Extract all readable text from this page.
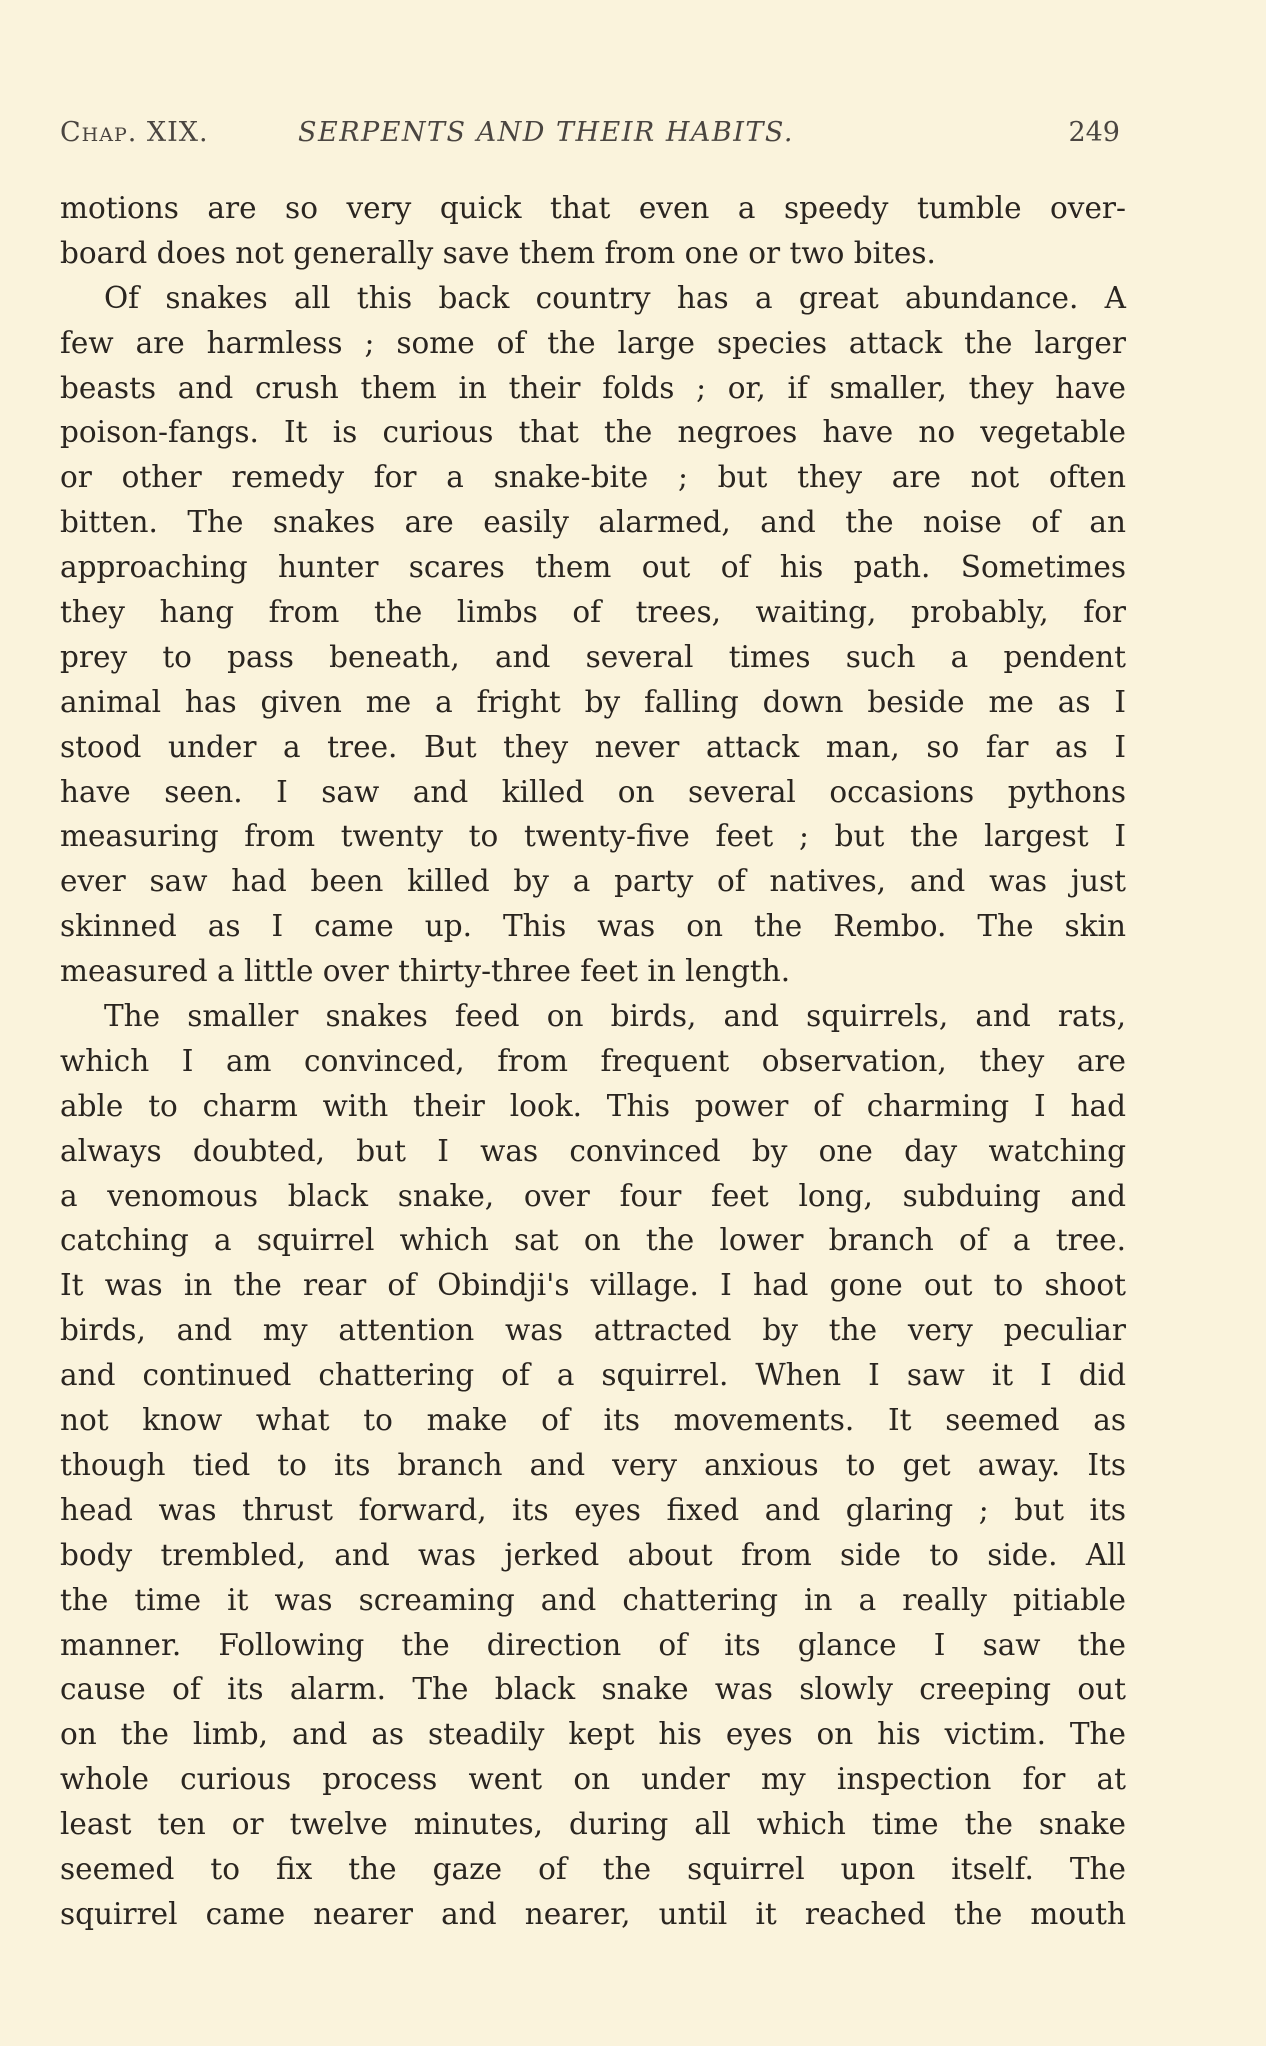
Chap. XIX.	SERPENTS AND THEIR HABITS.	249
motions are so very quick that even a speedy tumble over-
board does not generally save them from one or two bites.
Of snakes all this back country has a great abundance. A
few are harmless ; some of the large species attack the larger
beasts and crush them in their folds ; or, if smaller, they have
poison-fangs. It is curious that the negroes have no vegetable
or other remedy for a snake-bite ; but they are not often
bitten. The snakes are easily alarmed, and the noise of an
approaching hunter scares them out of his path. Sometimes
they hang from the limbs of trees, waiting, probably, for
prey to pass beneath, and several times such a pendent
animal has given me a fright by falling down beside me as I
stood under a tree. But they never attack man, so far as I
have seen. I saw and killed on several occasions pythons
measuring from twenty to twenty-five feet ; but the largest I
ever saw had been killed by a party of natives, and was just
skinned as I came up. This was on the Rembo. The skin
measured a little over thirty-three feet in length.
The smaller snakes feed on birds, and squirrels, and rats,
which I am convinced, from frequent observation, they are
able to charm with their look. This power of charming I had
always doubted, but I was convinced by one day watching
a venomous black snake, over four feet long, subduing and
catching a squirrel which sat on the lower branch of a tree.
It was in the rear of Obindji's village. I had gone out to shoot
birds, and my attention was attracted by the very peculiar
and continued chattering of a squirrel. When I saw it I did
not know what to make of its movements. It seemed as
though tied to its branch and very anxious to get away. Its
head was thrust forward, its eyes fixed and glaring ; but its
body trembled, and was jerked about from side to side. All
the time it was screaming and chattering in a really pitiable
manner. Following the direction of its glance I saw the
cause of its alarm. The black snake was slowly creeping out
on the limb, and as steadily kept his eyes on his victim. The
whole curious process went on under my inspection for at
least ten or twelve minutes, during all which time the snake
seemed to fix the gaze of the squirrel upon itself. The
squirrel came nearer and nearer, until it reached the mouth
